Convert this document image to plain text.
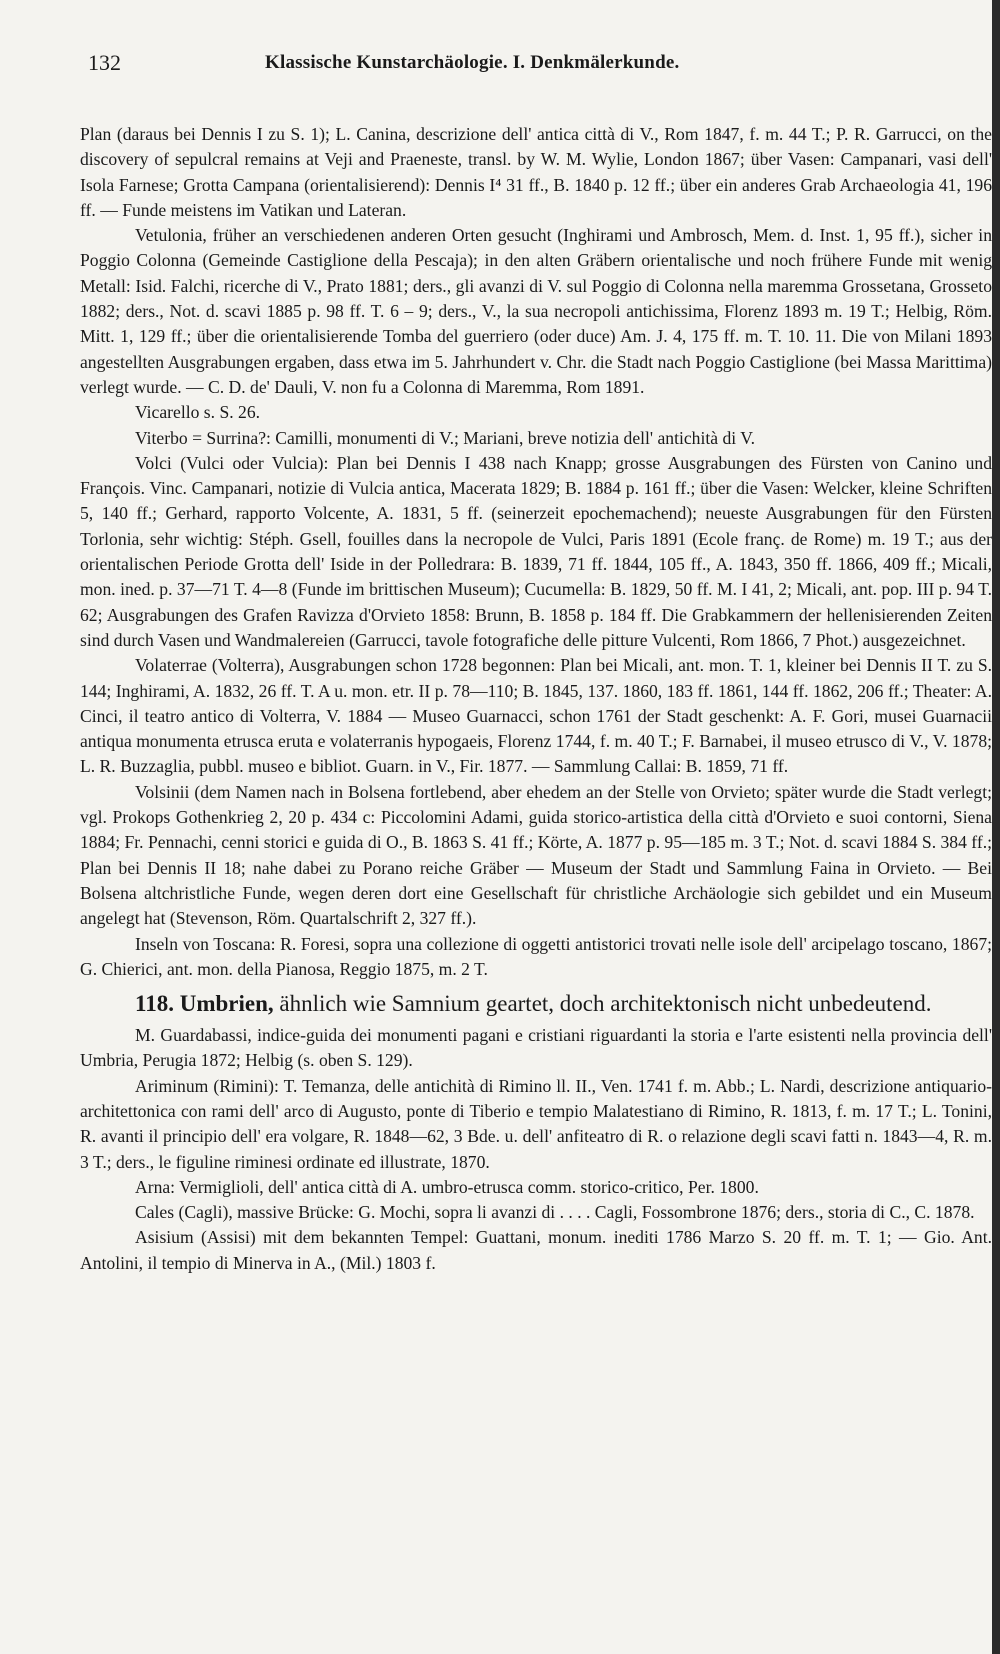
132	Klassische Kunstarchäologie. I. Denkmälerkunde.

Plan (daraus bei Dennis I zu S. 1); L. Canina, descrizione dell' antica città di V., Rom 1847, f. m. 44 T.; P. R. Garrucci, on the discovery of sepulcral remains at Veji and Praeneste, transl. by W. M. Wylie, London 1867; über Vasen: Campanari, vasi dell' Isola Farnese; Grotta Campana (orientalisierend): Dennis I⁴ 31 ff., B. 1840 p. 12 ff.; über ein anderes Grab Archaeologia 41, 196 ff. — Funde meistens im Vatikan und Lateran.

Vetulonia, früher an verschiedenen anderen Orten gesucht (Inghirami und Ambrosch, Mem. d. Inst. 1, 95 ff.), sicher in Poggio Colonna (Gemeinde Castiglione della Pescaja); in den alten Gräbern orientalische und noch frühere Funde mit wenig Metall: Isid. Falchi, ricerche di V., Prato 1881; ders., gli avanzi di V. sul Poggio di Colonna nella maremma Grossetana, Grosseto 1882; ders., Not. d. scavi 1885 p. 98 ff. T. 6 – 9; ders., V., la sua necropoli antichissima, Florenz 1893 m. 19 T.; Helbig, Röm. Mitt. 1, 129 ff.; über die orientalisierende Tomba del guerriero (oder duce) Am. J. 4, 175 ff. m. T. 10. 11. Die von Milani 1893 angestellten Ausgrabungen ergaben, dass etwa im 5. Jahrhundert v. Chr. die Stadt nach Poggio Castiglione (bei Massa Marittima) verlegt wurde. — C. D. de' Dauli, V. non fu a Colonna di Maremma, Rom 1891.

Vicarello s. S. 26.

Viterbo = Surrina?: Camilli, monumenti di V.; Mariani, breve notizia dell' antichità di V.

Volci (Vulci oder Vulcia): Plan bei Dennis I 438 nach Knapp; grosse Ausgrabungen des Fürsten von Canino und François. Vinc. Campanari, notizie di Vulcia antica, Macerata 1829; B. 1884 p. 161 ff.; über die Vasen: Welcker, kleine Schriften 5, 140 ff.; Gerhard, rapporto Volcente, A. 1831, 5 ff. (seinerzeit epochemachend); neueste Ausgrabungen für den Fürsten Torlonia, sehr wichtig: Stéph. Gsell, fouilles dans la necropole de Vulci, Paris 1891 (Ecole franç. de Rome) m. 19 T.; aus der orientalischen Periode Grotta dell' Iside in der Polledrara: B. 1839, 71 ff. 1844, 105 ff., A. 1843, 350 ff. 1866, 409 ff.; Micali, mon. ined. p. 37—71 T. 4—8 (Funde im brittischen Museum); Cucumella: B. 1829, 50 ff. M. I 41, 2; Micali, ant. pop. III p. 94 T. 62; Ausgrabungen des Grafen Ravizza d'Orvieto 1858: Brunn, B. 1858 p. 184 ff. Die Grabkammern der hellenisierenden Zeiten sind durch Vasen und Wandmalereien (Garrucci, tavole fotografiche delle pitture Vulcenti, Rom 1866, 7 Phot.) ausgezeichnet.

Volaterrae (Volterra), Ausgrabungen schon 1728 begonnen: Plan bei Micali, ant. mon. T. 1, kleiner bei Dennis II T. zu S. 144; Inghirami, A. 1832, 26 ff. T. A u. mon. etr. II p. 78—110; B. 1845, 137. 1860, 183 ff. 1861, 144 ff. 1862, 206 ff.; Theater: A. Cinci, il teatro antico di Volterra, V. 1884 — Museo Guarnacci, schon 1761 der Stadt geschenkt: A. F. Gori, musei Guarnacii antiqua monumenta etrusca eruta e volaterranis hypogaeis, Florenz 1744, f. m. 40 T.; F. Barnabei, il museo etrusco di V., V. 1878; L. R. Buzzaglia, pubbl. museo e bibliot. Guarn. in V., Fir. 1877. — Sammlung Callai: B. 1859, 71 ff.

Volsinii (dem Namen nach in Bolsena fortlebend, aber ehedem an der Stelle von Orvieto; später wurde die Stadt verlegt; vgl. Prokops Gothenkrieg 2, 20 p. 434 c: Piccolomini Adami, guida storico-artistica della città d'Orvieto e suoi contorni, Siena 1884; Fr. Pennachi, cenni storici e guida di O., B. 1863 S. 41 ff.; Körte, A. 1877 p. 95—185 m. 3 T.; Not. d. scavi 1884 S. 384 ff.; Plan bei Dennis II 18; nahe dabei zu Porano reiche Gräber — Museum der Stadt und Sammlung Faina in Orvieto. — Bei Bolsena altchristliche Funde, wegen deren dort eine Gesellschaft für christliche Archäologie sich gebildet und ein Museum angelegt hat (Stevenson, Röm. Quartalschrift 2, 327 ff.).

Inseln von Toscana: R. Foresi, sopra una collezione di oggetti antistorici trovati nelle isole dell' arcipelago toscano, 1867; G. Chierici, ant. mon. della Pianosa, Reggio 1875, m. 2 T.

118. Umbrien, ähnlich wie Samnium geartet, doch architektonisch nicht unbedeutend.

M. Guardabassi, indice-guida dei monumenti pagani e cristiani riguardanti la storia e l'arte esistenti nella provincia dell' Umbria, Perugia 1872; Helbig (s. oben S. 129).

Ariminum (Rimini): T. Temanza, delle antichità di Rimino ll. II., Ven. 1741 f. m. Abb.; L. Nardi, descrizione antiquario-architettonica con rami dell' arco di Augusto, ponte di Tiberio e tempio Malatestiano di Rimino, R. 1813, f. m. 17 T.; L. Tonini, R. avanti il principio dell' era volgare, R. 1848—62, 3 Bde. u. dell' anfiteatro di R. o relazione degli scavi fatti n. 1843—4, R. m. 3 T.; ders., le figuline riminesi ordinate ed illustrate, 1870.

Arna: Vermiglioli, dell' antica città di A. umbro-etrusca comm. storico-critico, Per. 1800.

Cales (Cagli), massive Brücke: G. Mochi, sopra li avanzi di . . . . Cagli, Fossombrone 1876; ders., storia di C., C. 1878.

Asisium (Assisi) mit dem bekannten Tempel: Guattani, monum. inediti 1786 Marzo S. 20 ff. m. T. 1; — Gio. Ant. Antolini, il tempio di Minerva in A., (Mil.) 1803 f.
